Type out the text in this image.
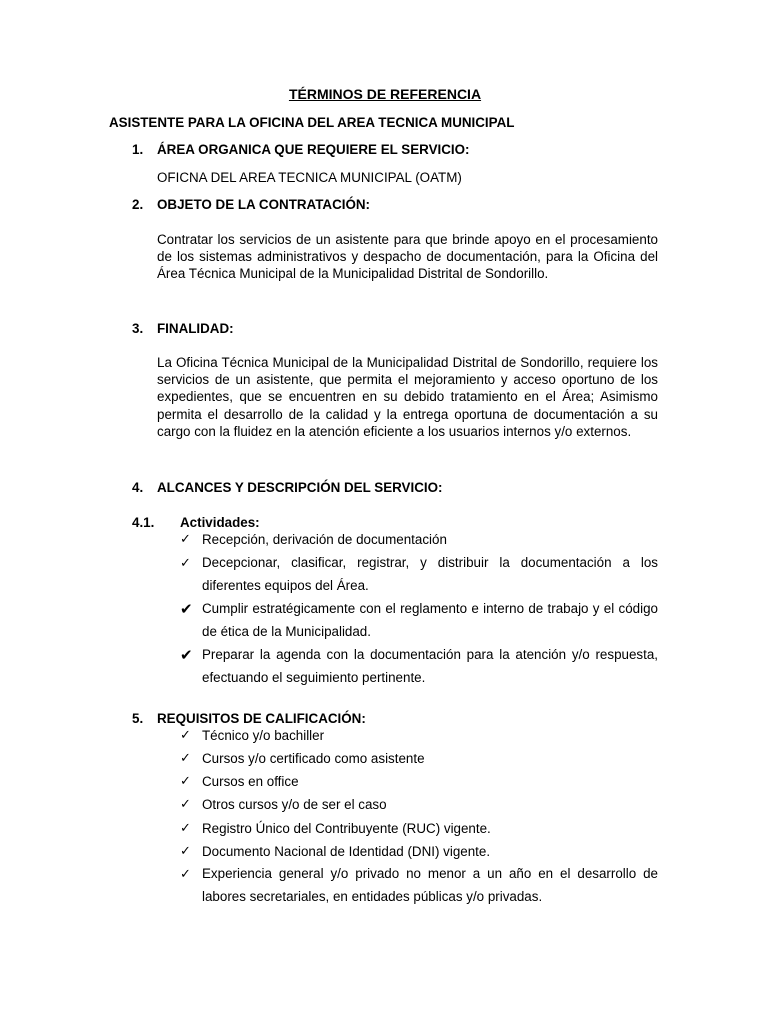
TÉRMINOS DE REFERENCIA
ASISTENTE PARA LA OFICINA DEL AREA TECNICA MUNICIPAL
1. ÁREA ORGANICA QUE REQUIERE EL SERVICIO:
OFICNA DEL AREA TECNICA MUNICIPAL (OATM)
2. OBJETO DE LA CONTRATACIÓN:
Contratar los servicios de un asistente para que brinde apoyo en el procesamiento de los sistemas administrativos y despacho de documentación, para la Oficina del Área Técnica Municipal de la Municipalidad Distrital de Sondorillo.
3. FINALIDAD:
La Oficina Técnica Municipal de la Municipalidad Distrital de Sondorillo, requiere los servicios de un asistente, que permita el mejoramiento y acceso oportuno de los expedientes, que se encuentren en su debido tratamiento en el Área; Asimismo permita el desarrollo de la calidad y la entrega oportuna de documentación a su cargo con la fluidez en la atención eficiente a los usuarios internos y/o externos.
4. ALCANCES Y DESCRIPCIÓN DEL SERVICIO:
4.1. Actividades:
✓ Recepción, derivación de documentación
✓ Decepcionar, clasificar, registrar, y distribuir la documentación a los diferentes equipos del Área.
✔ Cumplir estratégicamente con el reglamento e interno de trabajo y el código de ética de la Municipalidad.
✔ Preparar la agenda con la documentación para la atención y/o respuesta, efectuando el seguimiento pertinente.
5. REQUISITOS DE CALIFICACIÓN:
✓ Técnico y/o bachiller
✓ Cursos y/o certificado como asistente
✓ Cursos en office
✓ Otros cursos y/o de ser el caso
✓ Registro Único del Contribuyente (RUC) vigente.
✓ Documento Nacional de Identidad (DNI) vigente.
✓ Experiencia general y/o privado no menor a un año en el desarrollo de labores secretariales, en entidades públicas y/o privadas.
